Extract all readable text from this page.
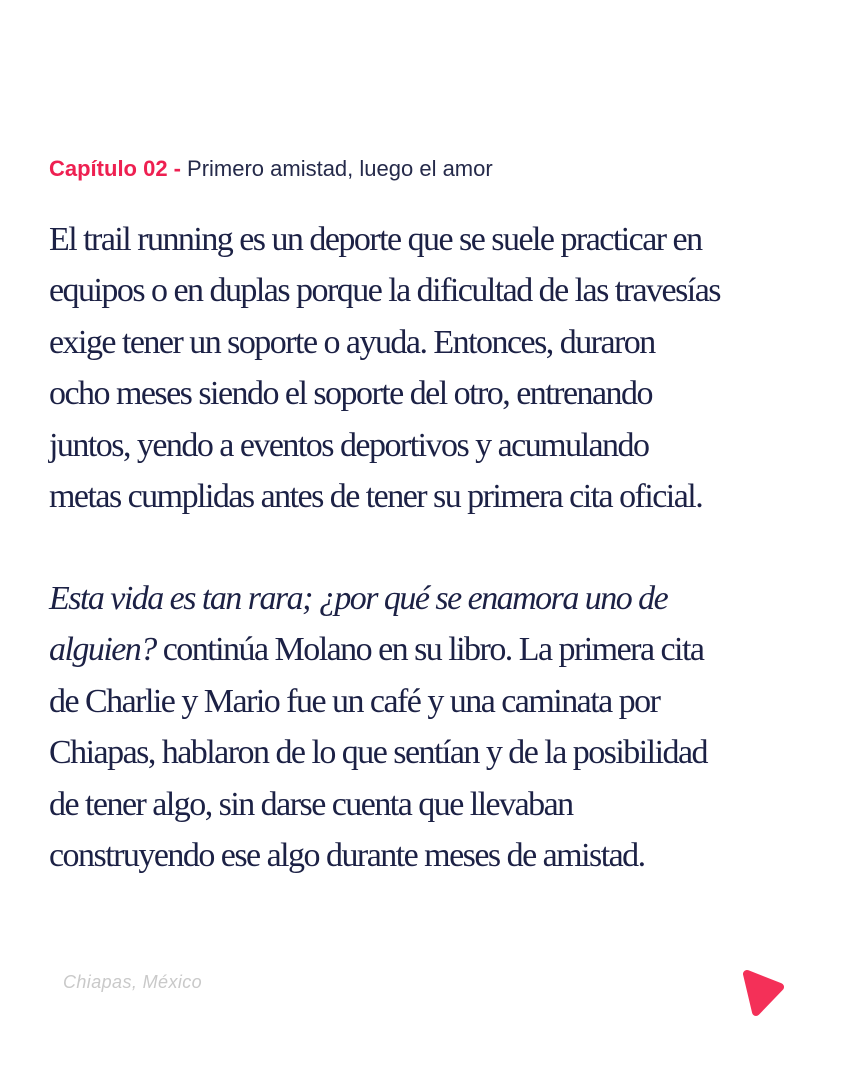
Capítulo 02 - Primero amistad, luego el amor
El trail running es un deporte que se suele practicar en
equipos o en duplas porque la dificultad de las travesías
exige tener un soporte o ayuda. Entonces, duraron
ocho meses siendo el soporte del otro, entrenando
juntos, yendo a eventos deportivos y acumulando
metas cumplidas antes de tener su primera cita oficial.
Esta vida es tan rara; ¿por qué se enamora uno de
alguien? continúa Molano en su libro. La primera cita
de Charlie y Mario fue un café y una caminata por
Chiapas, hablaron de lo que sentían y de la posibilidad
de tener algo, sin darse cuenta que llevaban
construyendo ese algo durante meses de amistad.
Chiapas, México
